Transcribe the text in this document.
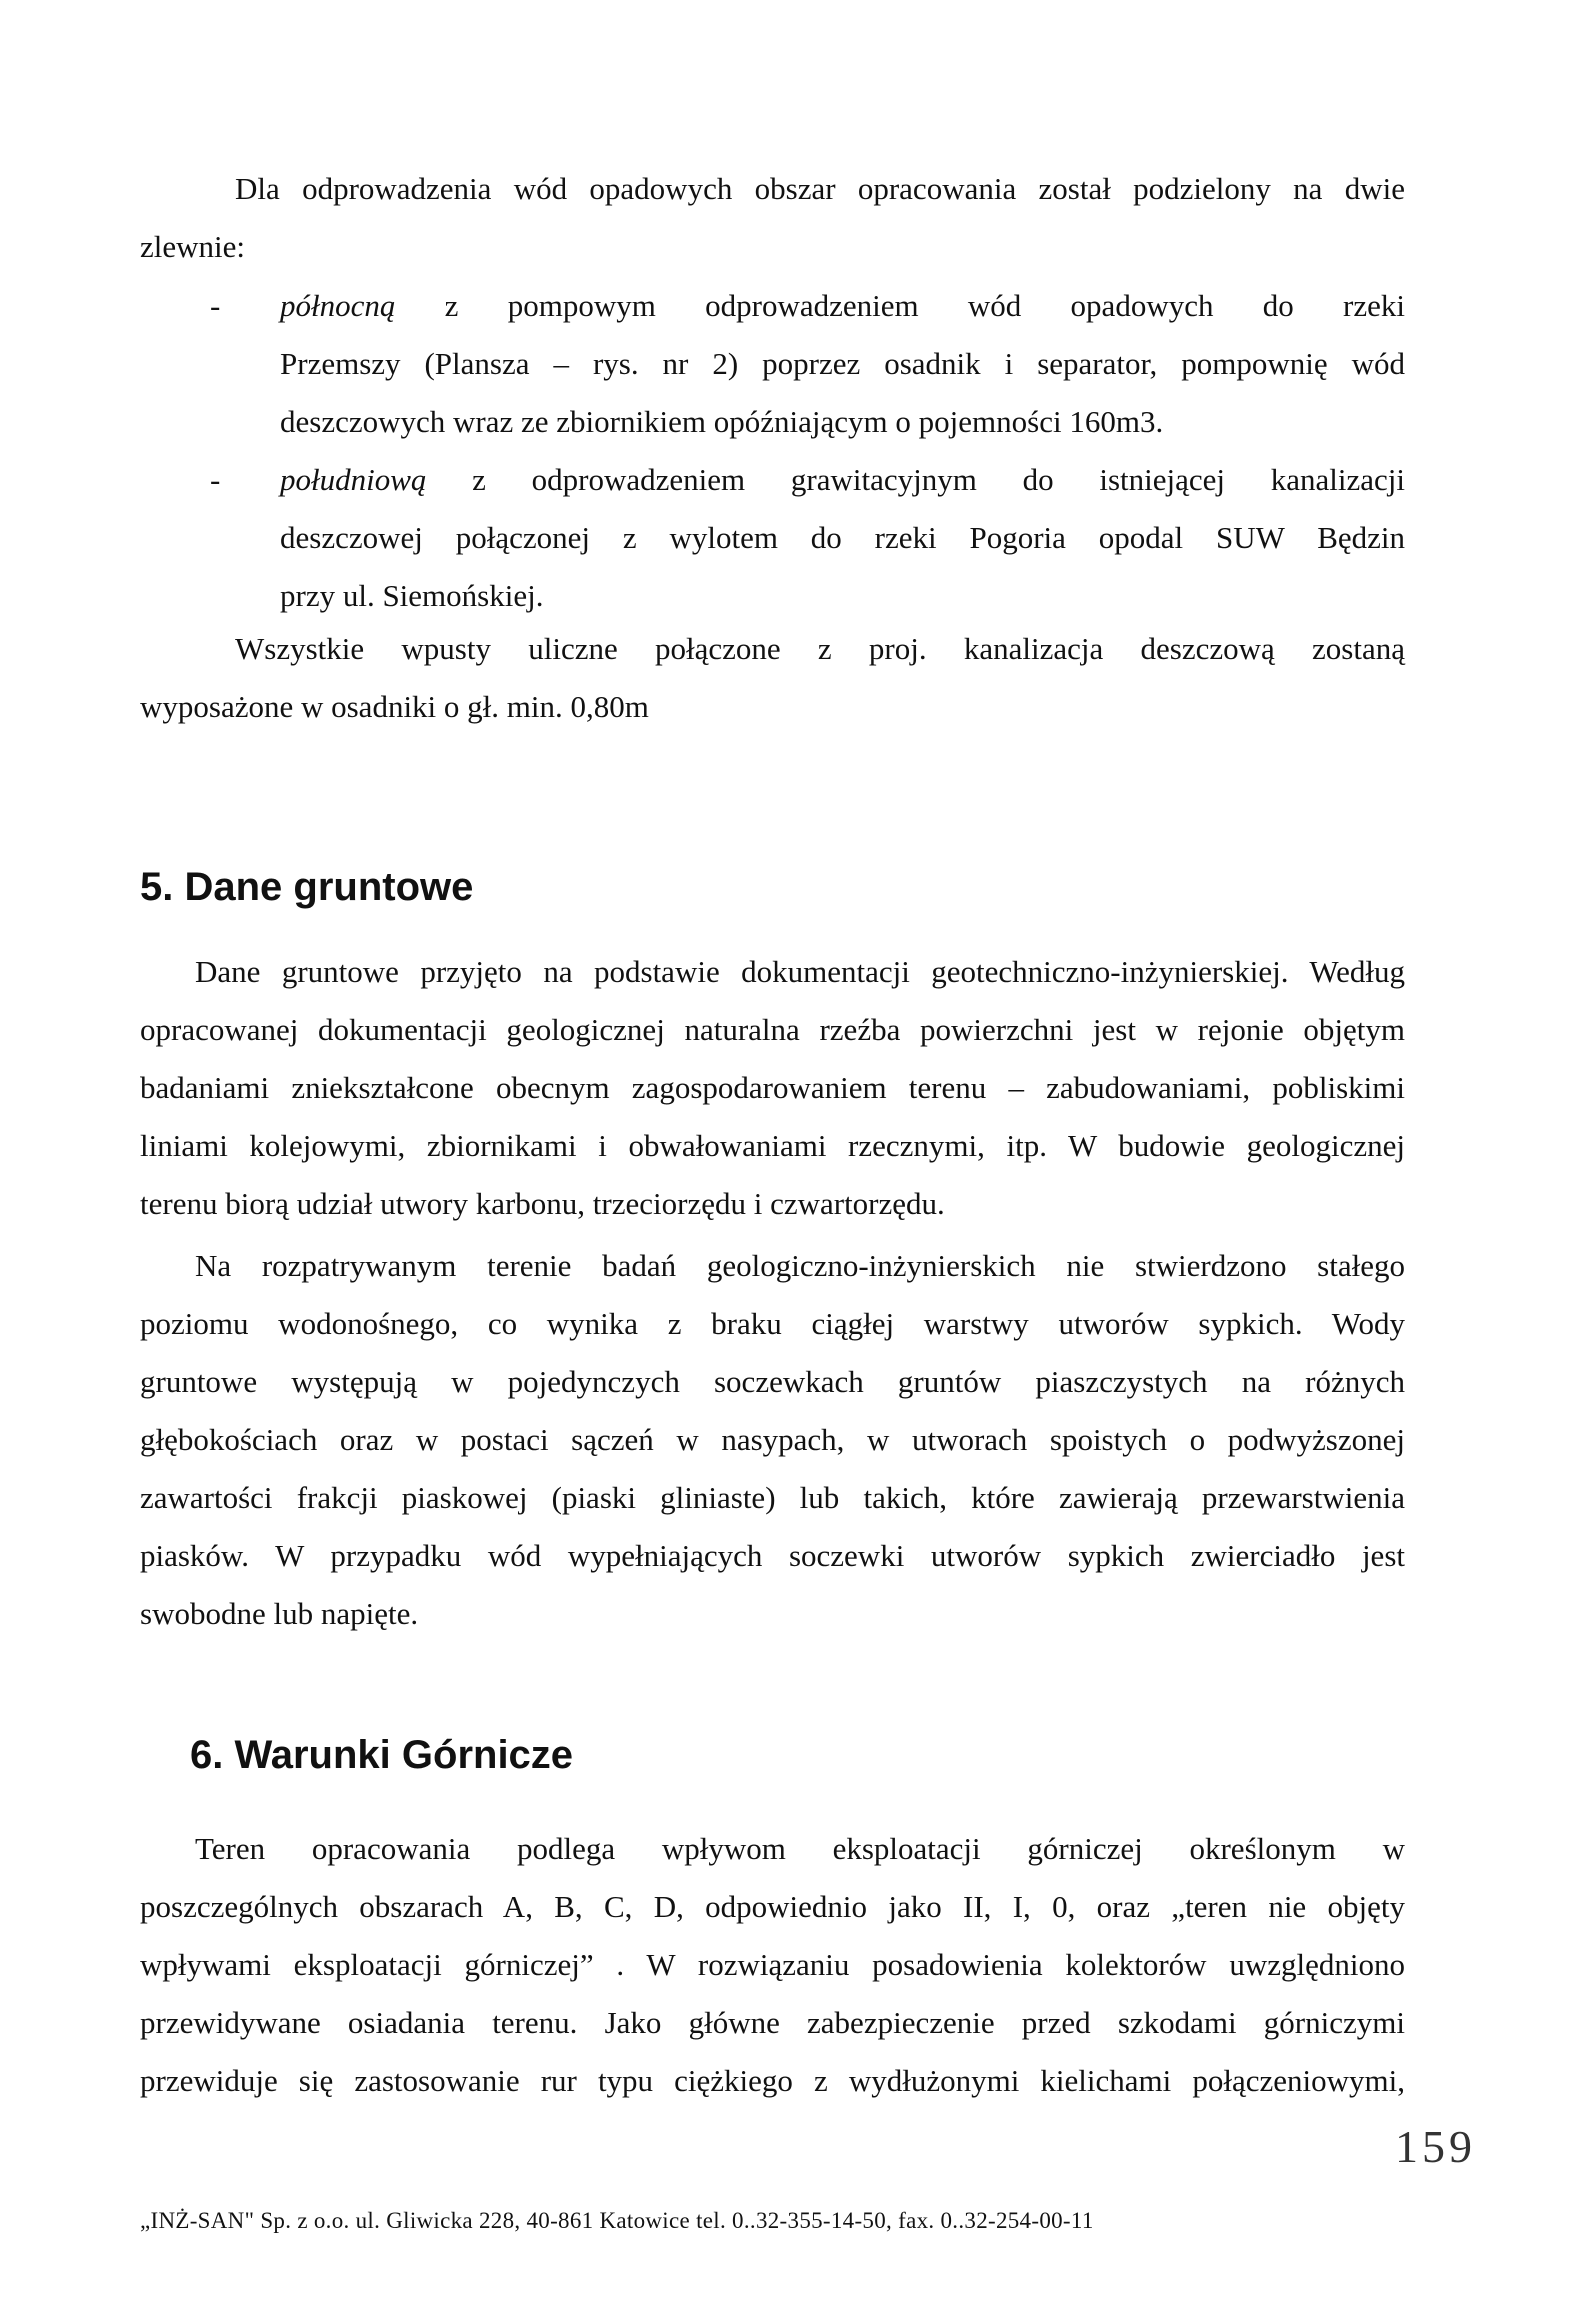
Dla odprowadzenia wód opadowych obszar opracowania został podzielony na dwie
zlewnie:
- północną z pompowym odprowadzeniem wód opadowych do rzeki
Przemszy (Plansza – rys. nr 2) poprzez osadnik i separator, pompownię wód
deszczowych wraz ze zbiornikiem opóźniającym o pojemności 160m3.
- południową z odprowadzeniem grawitacyjnym do istniejącej kanalizacji
deszczowej połączonej z wylotem do rzeki Pogoria opodal SUW Będzin
przy ul. Siemońskiej.
Wszystkie wpusty uliczne połączone z proj. kanalizacja deszczową zostaną
wyposażone w osadniki o gł. min. 0,80m
5. Dane gruntowe
Dane gruntowe przyjęto na podstawie dokumentacji geotechniczno-inżynierskiej. Według
opracowanej dokumentacji geologicznej naturalna rzeźba powierzchni jest w rejonie objętym
badaniami zniekształcone obecnym zagospodarowaniem terenu – zabudowaniami, pobliskimi
liniami kolejowymi, zbiornikami i obwałowaniami rzecznymi, itp. W budowie geologicznej
terenu biorą udział utwory karbonu, trzeciorzędu i czwartorzędu.
Na rozpatrywanym terenie badań geologiczno-inżynierskich nie stwierdzono stałego
poziomu wodonośnego, co wynika z braku ciągłej warstwy utworów sypkich. Wody
gruntowe występują w pojedynczych soczewkach gruntów piaszczystych na różnych
głębokościach oraz w postaci sączeń w nasypach, w utworach spoistych o podwyższonej
zawartości frakcji piaskowej (piaski gliniaste) lub takich, które zawierają przewarstwienia
piasków. W przypadku wód wypełniających soczewki utworów sypkich zwierciadło jest
swobodne lub napięte.
6. Warunki Górnicze
Teren opracowania podlega wpływom eksploatacji górniczej określonym w
poszczególnych obszarach A, B, C, D, odpowiednio jako II, I, 0, oraz „teren nie objęty
wpływami eksploatacji górniczej” . W rozwiązaniu posadowienia kolektorów uwzględniono
przewidywane osiadania terenu. Jako główne zabezpieczenie przed szkodami górniczymi
przewiduje się zastosowanie rur typu ciężkiego z wydłużonymi kielichami połączeniowymi,
159
„INŻ-SAN" Sp. z o.o. ul. Gliwicka 228, 40-861 Katowice tel. 0..32-355-14-50, fax. 0..32-254-00-11
